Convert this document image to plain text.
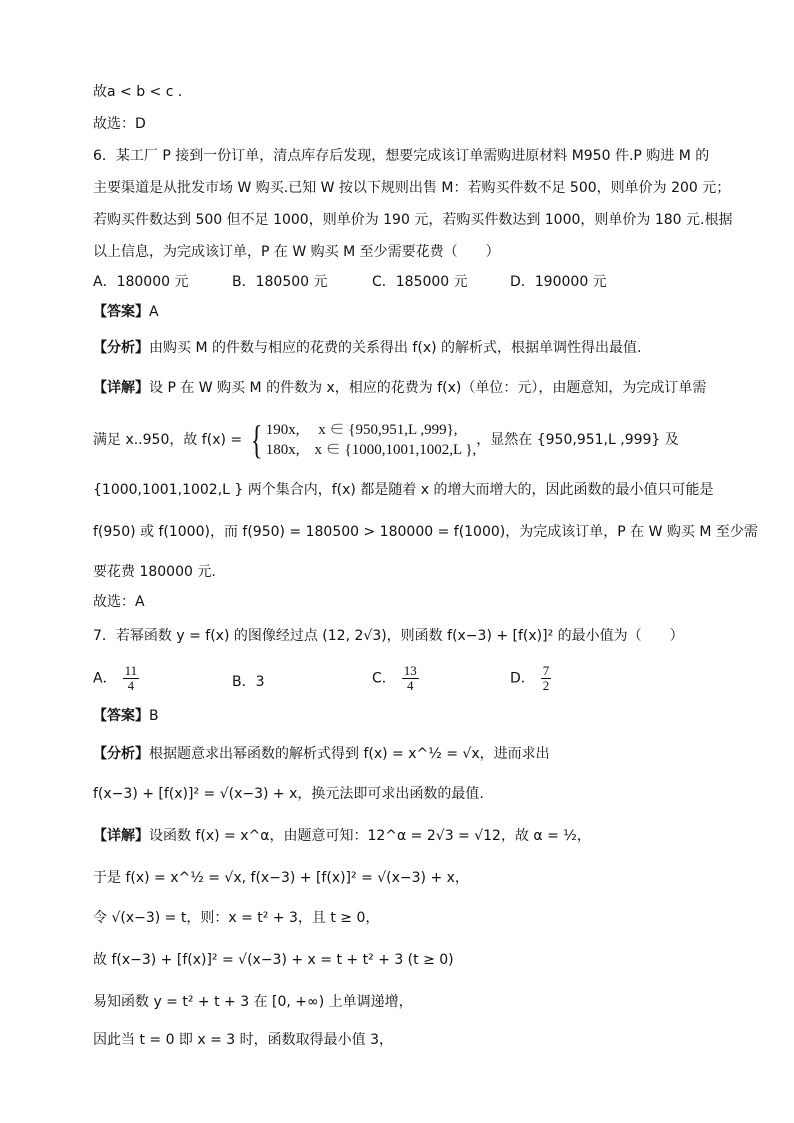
故a < b < c .
故选：D
6．某工厂 P 接到一份订单，清点库存后发现，想要完成该订单需购进原材料 M950 件.P 购进 M 的
主要渠道是从批发市场 W 购买.已知 W 按以下规则出售 M：若购买件数不足 500，则单价为 200 元；
若购买件数达到 500 但不足 1000，则单价为 190 元，若购买件数达到 1000，则单价为 180 元.根据
以上信息，为完成该订单，P 在 W 购买 M 至少需要花费（　　）
A．180000 元	B．180500 元	C．185000 元	D．190000 元
【答案】A
【分析】由购买 M 的件数与相应的花费的关系得出 f(x) 的解析式，根据单调性得出最值.
【详解】设 P 在 W 购买 M 的件数为 x，相应的花费为 f(x)（单位：元），由题意知，为完成订单需
满足 x..950，故 f(x) = { 190x,　 x ∈ {950,951,L ,999},
180x,　x ∈ {1000,1001,1002,L },
，显然在 {950,951,L ,999} 及
{1000,1001,1002,L } 两个集合内，f(x) 都是随着 x 的增大而增大的，因此函数的最小值只可能是
f(950) 或 f(1000)，而 f(950) = 180500 > 180000 = f(1000)，为完成该订单，P 在 W 购买 M 至少需
要花费 180000 元.
故选：A
7．若幂函数 y = f(x) 的图像经过点 (12, 2√3)，则函数 f(x−3) + [f(x)]² 的最小值为（　　）
A． $\frac{11}{4}$	B．3	C． $\frac{13}{4}$	D． $\frac{7}{2}$
【答案】B
【分析】根据题意求出幂函数的解析式得到 f(x) = x^½ = √x，进而求出
f(x−3) + [f(x)]² = √(x−3) + x，换元法即可求出函数的最值.
【详解】设函数 f(x) = x^α，由题意可知：12^α = 2√3 = √12，故 α = ½，
于是 f(x) = x^½ = √x, f(x−3) + [f(x)]² = √(x−3) + x，
令 √(x−3) = t，则：x = t² + 3，且 t ≥ 0，
故 f(x−3) + [f(x)]² = √(x−3) + x = t + t² + 3 (t ≥ 0)
易知函数 y = t² + t + 3 在 [0, +∞) 上单调递增，
因此当 t = 0 即 x = 3 时，函数取得最小值 3，
